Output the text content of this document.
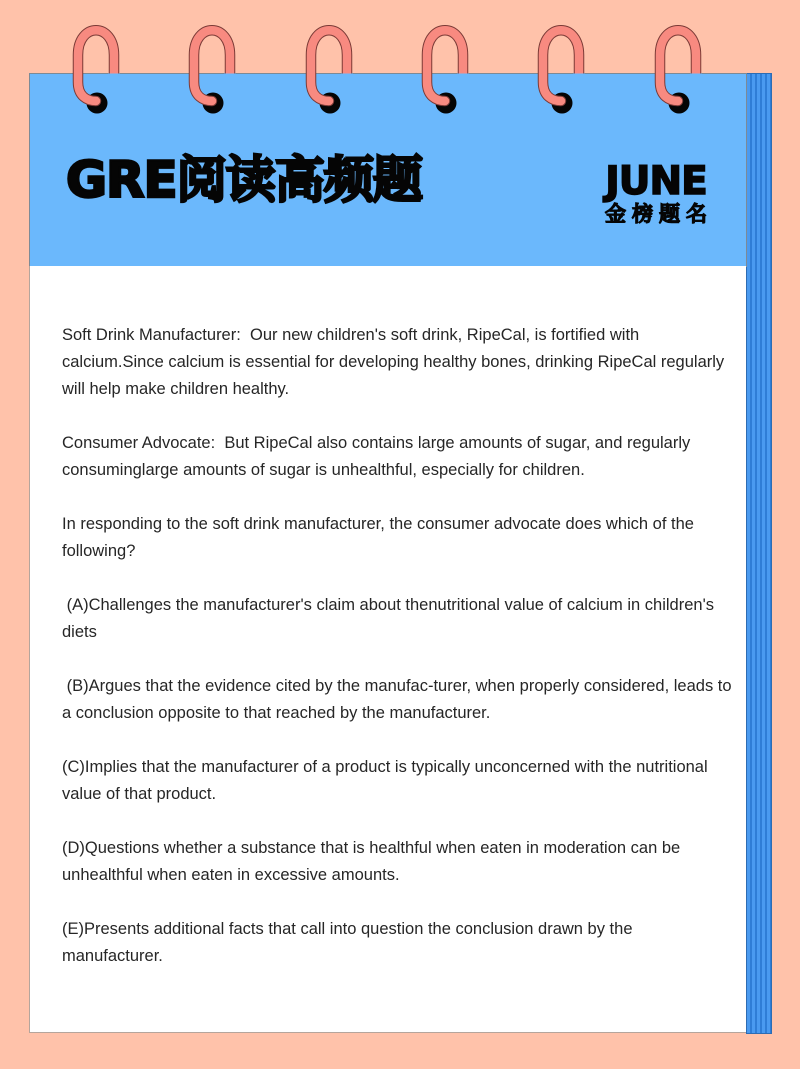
GRE阅读高频题	JUNE
金榜题名

Soft Drink Manufacturer:  Our new children's soft drink, RipeCal, is fortified with calcium.Since calcium is essential for developing healthy bones, drinking RipeCal regularly will help make children healthy.

Consumer Advocate:  But RipeCal also contains large amounts of sugar, and regularly consuminglarge amounts of sugar is unhealthful, especially for children.

In responding to the soft drink manufacturer, the consumer advocate does which of the following?

(A)Challenges the manufacturer's claim about thenutritional value of calcium in children's diets

(B)Argues that the evidence cited by the manufac-turer, when properly considered, leads to a conclusion opposite to that reached by the manufacturer.

(C)Implies that the manufacturer of a product is typically unconcerned with the nutritional value of that product.

(D)Questions whether a substance that is healthful when eaten in moderation can be unhealthful when eaten in excessive amounts.

(E)Presents additional facts that call into question the conclusion drawn by the manufacturer.
